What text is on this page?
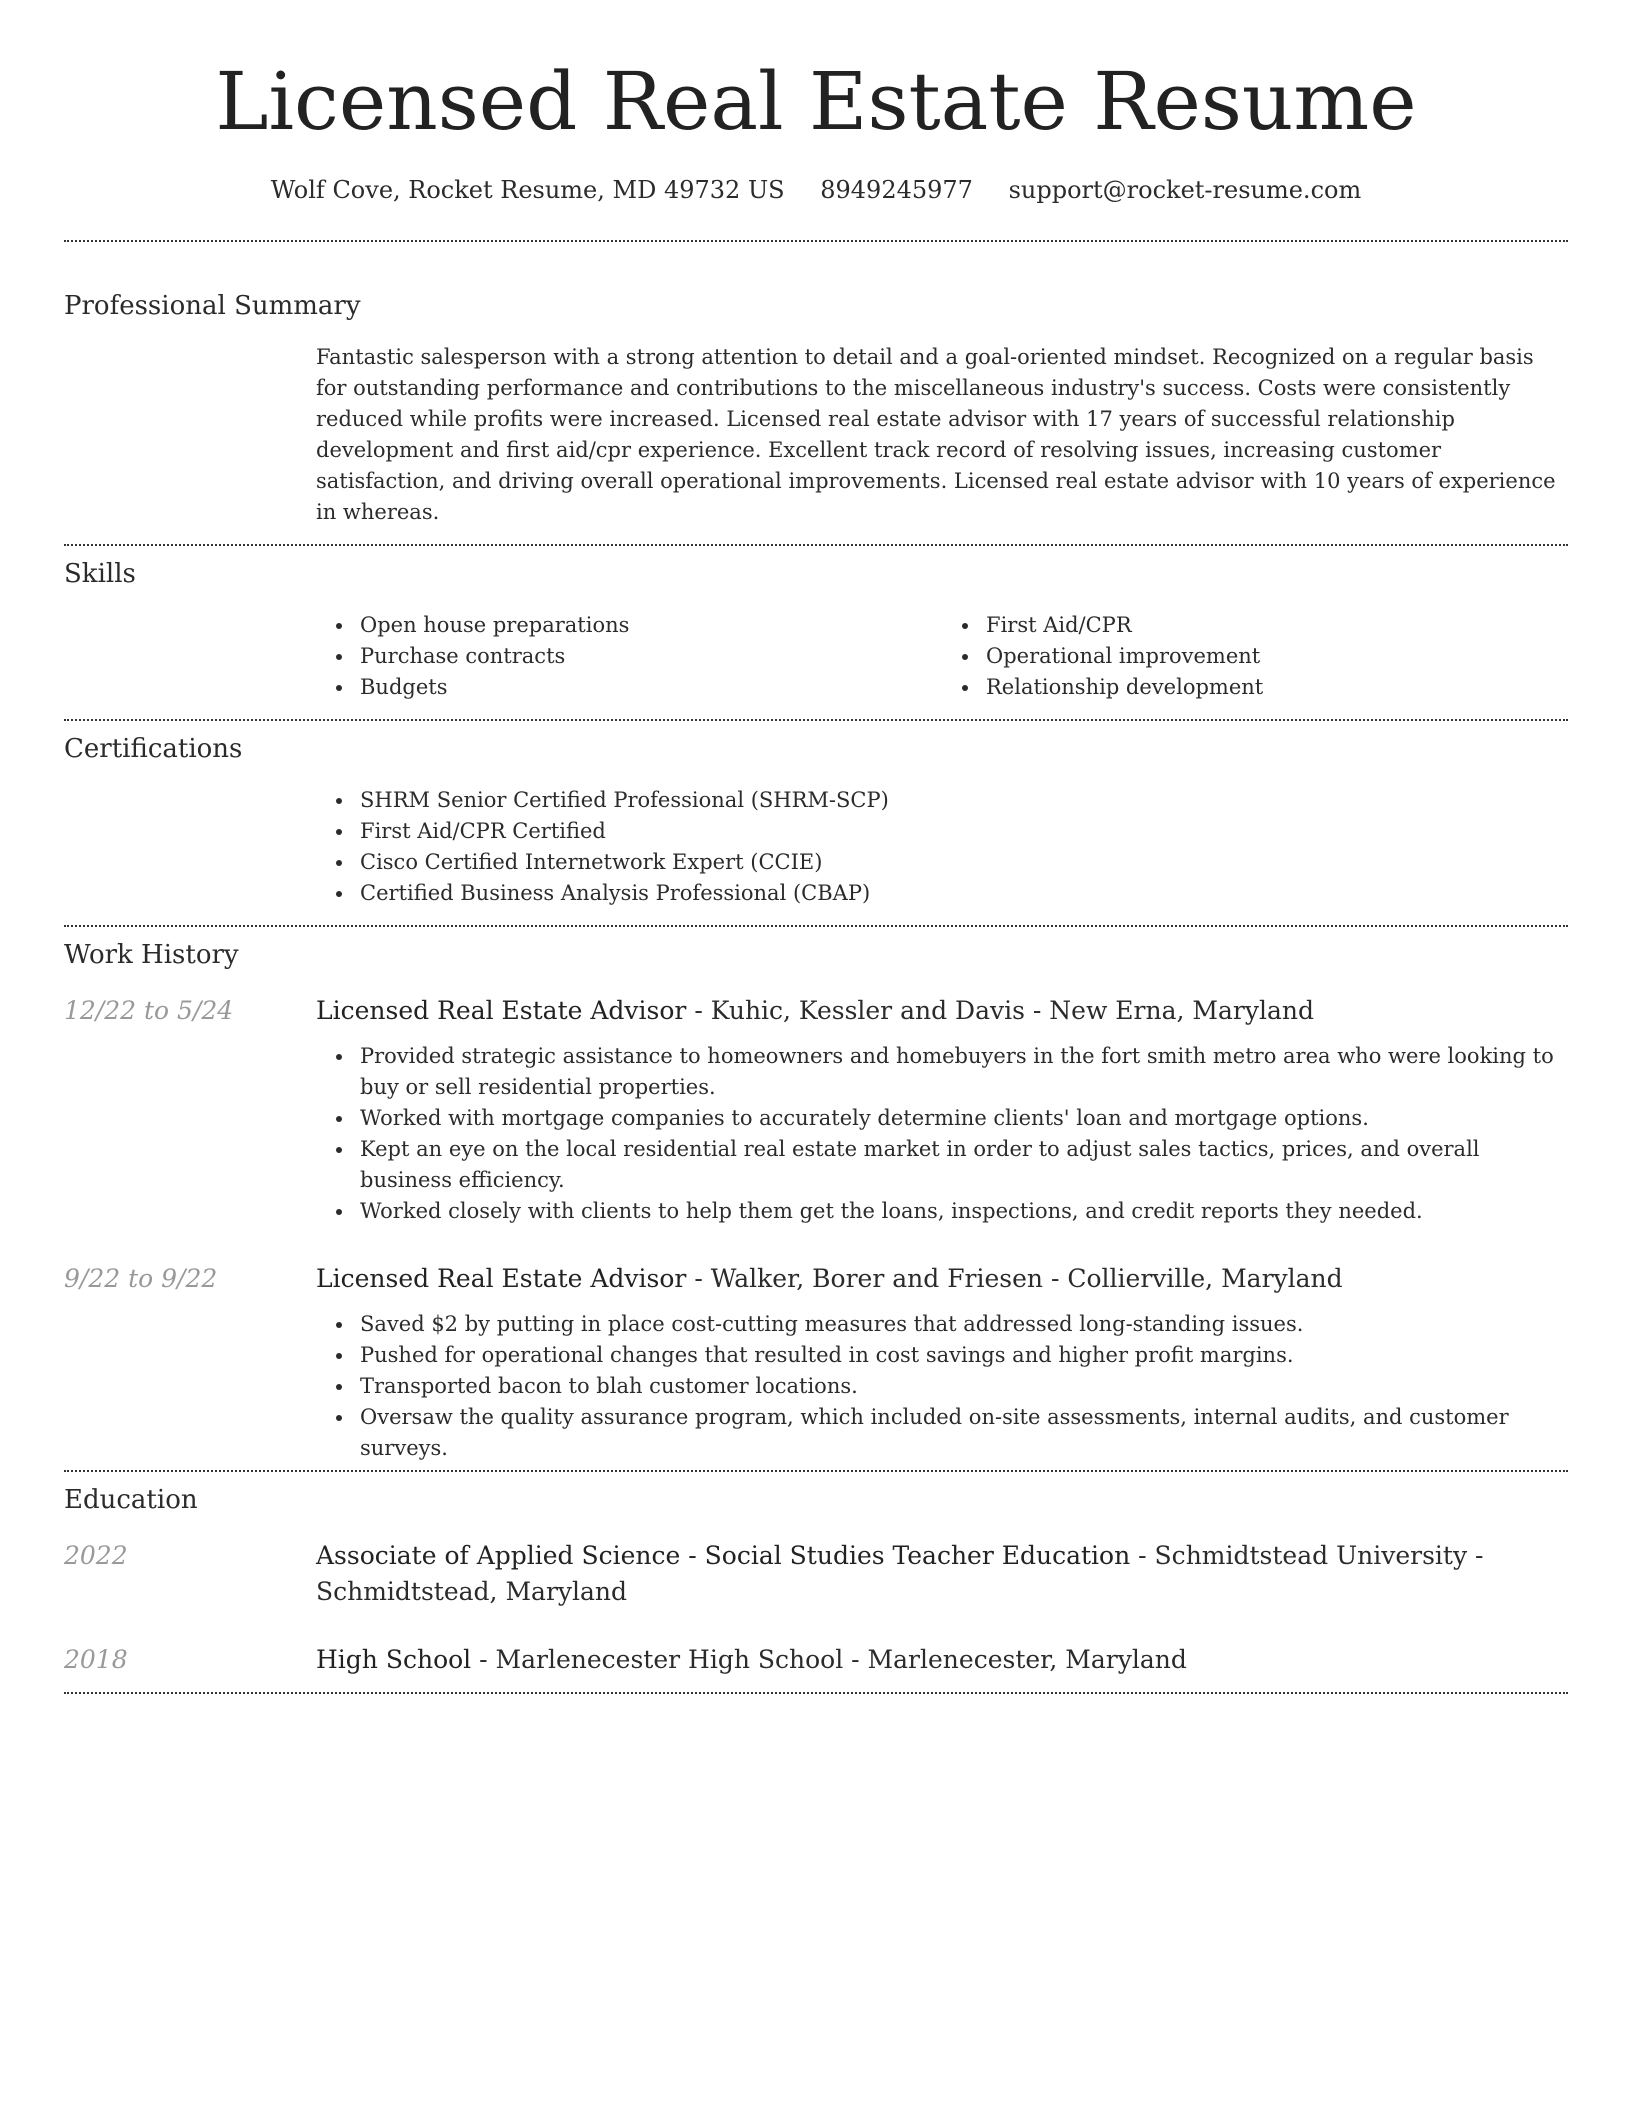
Licensed Real Estate Resume
Wolf Cove, Rocket Resume, MD 49732 US 8949245977 support@rocket-resume.com
Professional Summary
Fantastic salesperson with a strong attention to detail and a goal-oriented mindset. Recognized on a regular basis for outstanding performance and contributions to the miscellaneous industry's success. Costs were consistently reduced while profits were increased. Licensed real estate advisor with 17 years of successful relationship development and first aid/cpr experience. Excellent track record of resolving issues, increasing customer satisfaction, and driving overall operational improvements. Licensed real estate advisor with 10 years of experience in whereas.
Skills
Open house preparations
Purchase contracts
Budgets
First Aid/CPR
Operational improvement
Relationship development
Certifications
SHRM Senior Certified Professional (SHRM-SCP)
First Aid/CPR Certified
Cisco Certified Internetwork Expert (CCIE)
Certified Business Analysis Professional (CBAP)
Work History
12/22 to 5/24	Licensed Real Estate Advisor - Kuhic, Kessler and Davis - New Erna, Maryland
Provided strategic assistance to homeowners and homebuyers in the fort smith metro area who were looking to buy or sell residential properties.
Worked with mortgage companies to accurately determine clients' loan and mortgage options.
Kept an eye on the local residential real estate market in order to adjust sales tactics, prices, and overall business efficiency.
Worked closely with clients to help them get the loans, inspections, and credit reports they needed.
9/22 to 9/22	Licensed Real Estate Advisor - Walker, Borer and Friesen - Collierville, Maryland
Saved $2 by putting in place cost-cutting measures that addressed long-standing issues.
Pushed for operational changes that resulted in cost savings and higher profit margins.
Transported bacon to blah customer locations.
Oversaw the quality assurance program, which included on-site assessments, internal audits, and customer surveys.
Education
2022	Associate of Applied Science - Social Studies Teacher Education - Schmidtstead University - Schmidtstead, Maryland
2018	High School - Marlenecester High School - Marlenecester, Maryland
